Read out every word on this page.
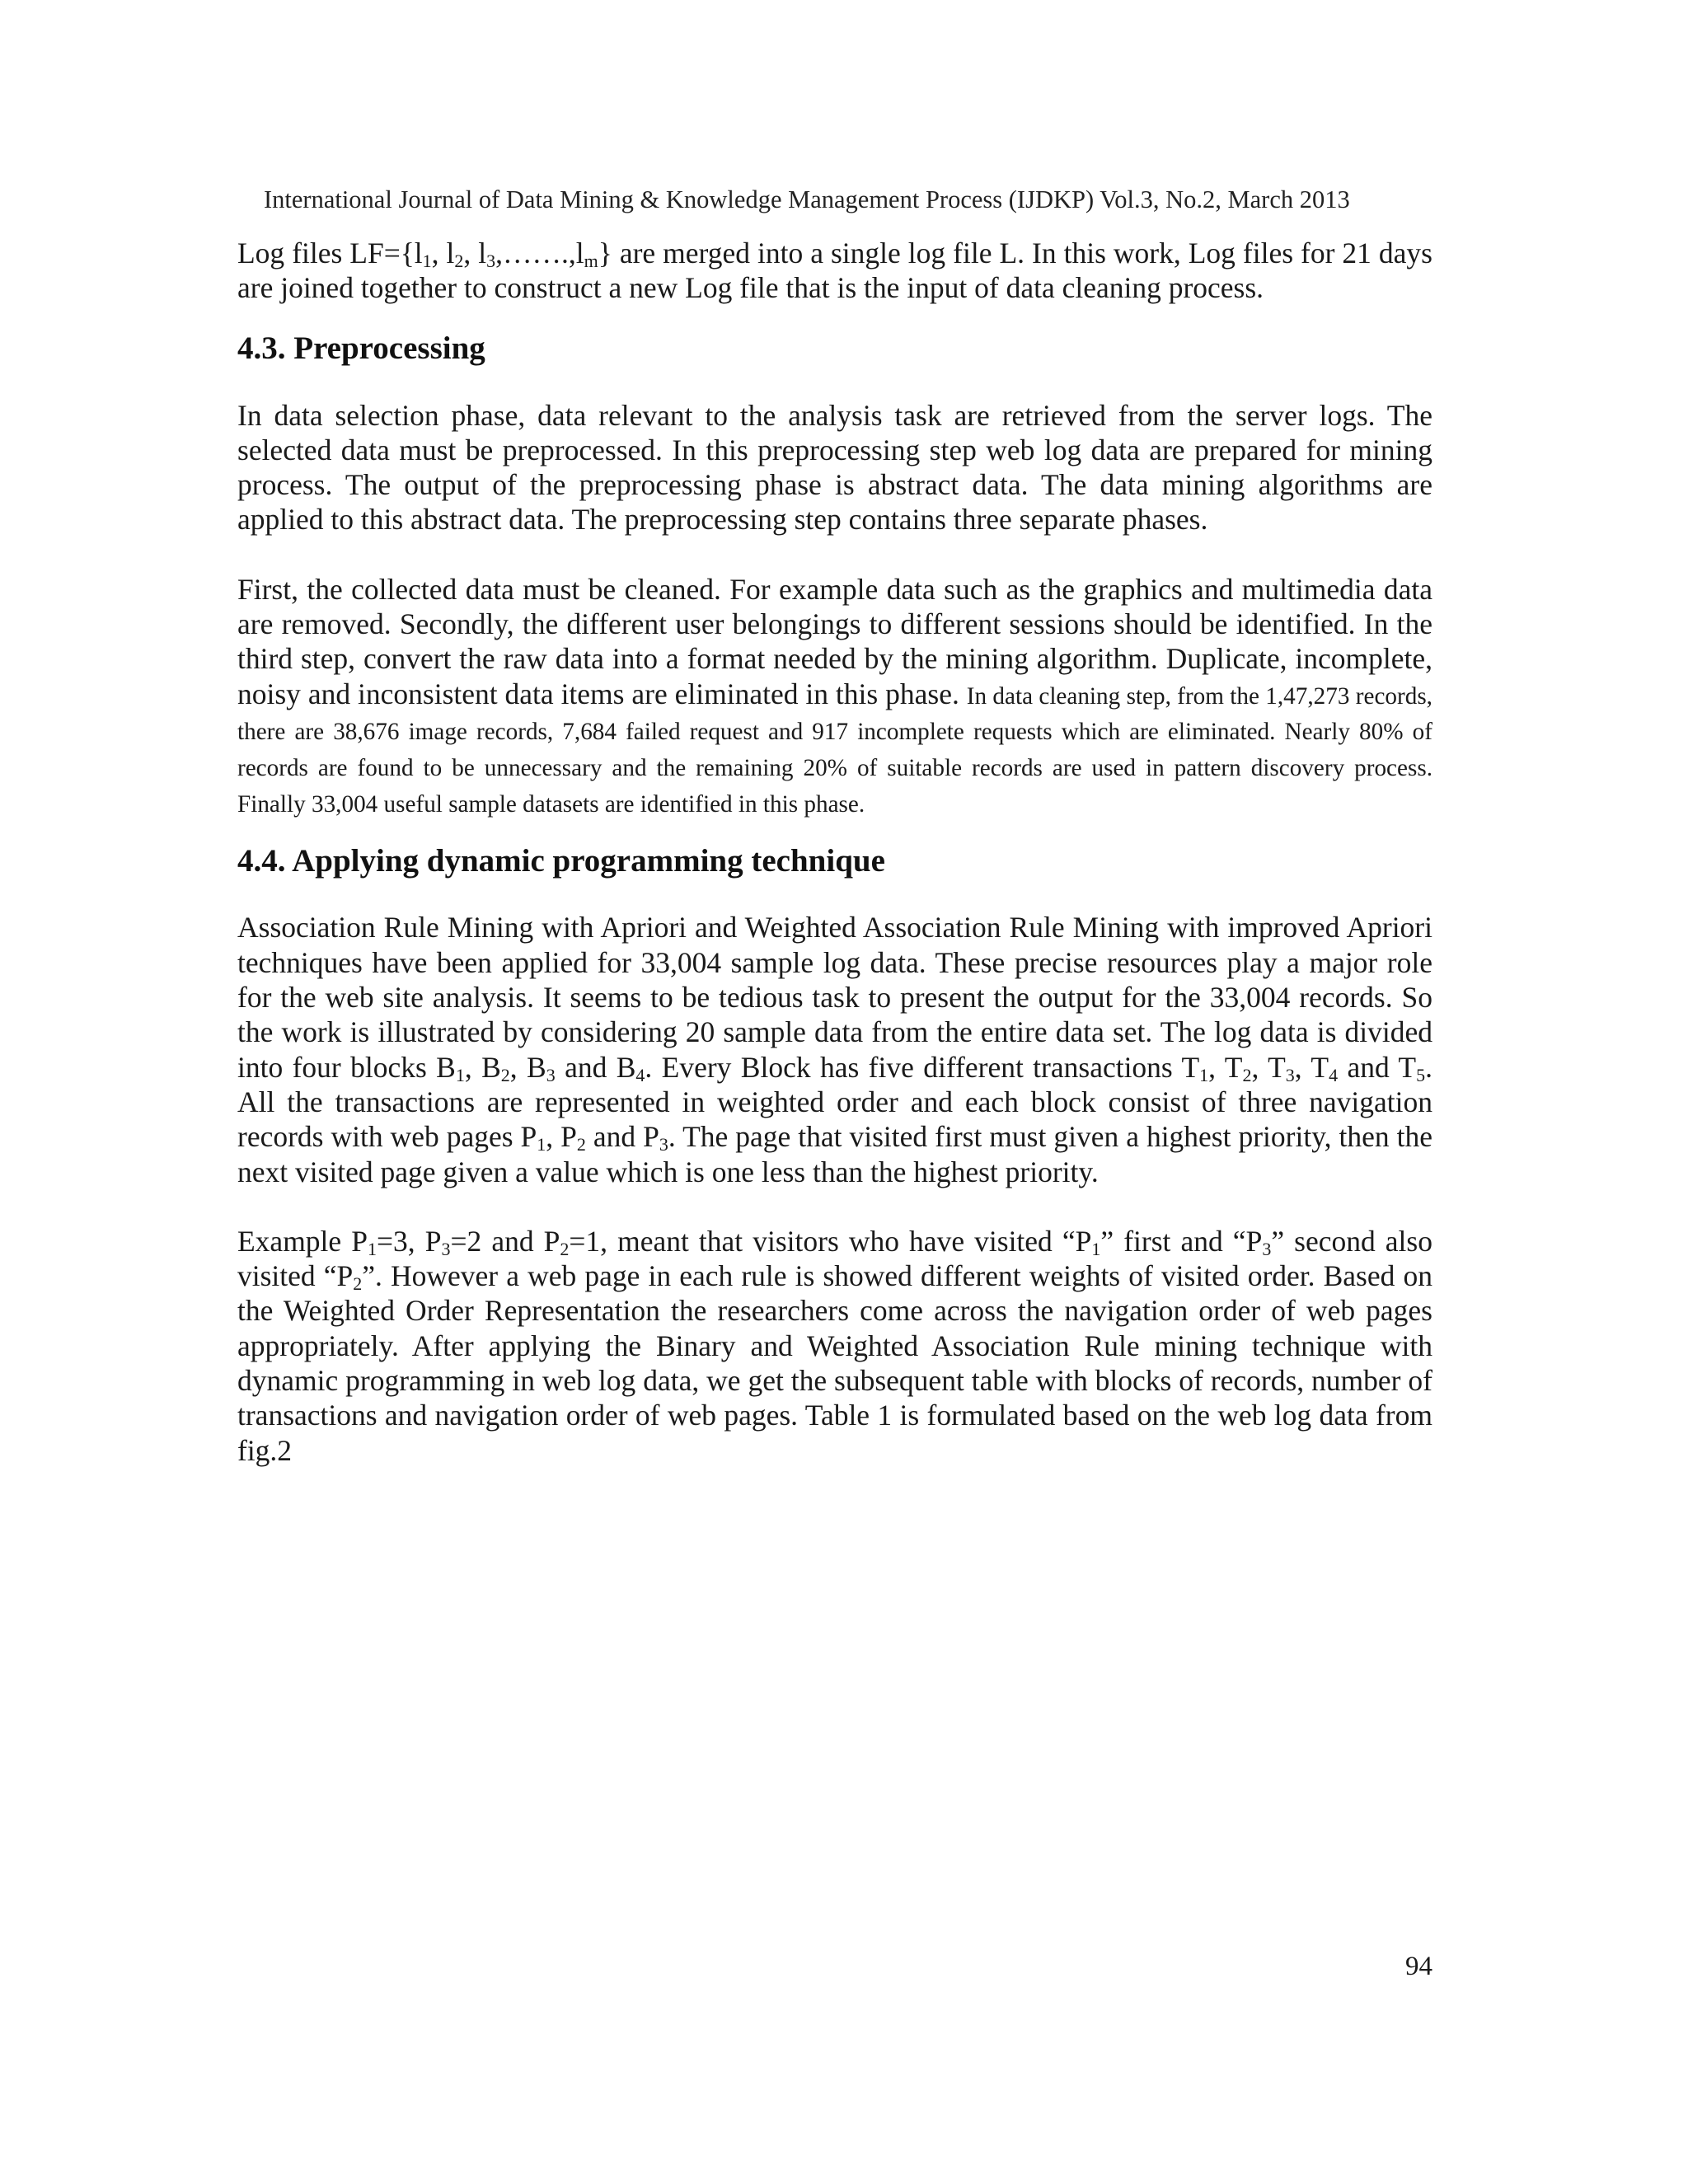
International Journal of Data Mining & Knowledge Management Process (IJDKP) Vol.3, No.2, March 2013

Log files $LF=\{l_1$, $l_2$, $l_3,\dots\dots.,l_m$} are merged into a single log file L. In this work, Log files for 21 days are joined together to construct a new Log file that is the input of data cleaning process.

4.3. Preprocessing

In data selection phase, data relevant to the analysis task are retrieved from the server logs. The selected data must be preprocessed. In this preprocessing step web log data are prepared for mining process. The output of the preprocessing phase is abstract data. The data mining algorithms are applied to this abstract data. The preprocessing step contains three separate phases.

First, the collected data must be cleaned. For example data such as the graphics and multimedia data are removed. Secondly, the different user belongings to different sessions should be identified. In the third step, convert the raw data into a format needed by the mining algorithm. Duplicate, incomplete, noisy and inconsistent data items are eliminated in this phase. In data cleaning step, from the 1,47,273 records, there are 38,676 image records, 7,684 failed request and 917 incomplete requests which are eliminated. Nearly 80% of records are found to be unnecessary and the remaining 20% of suitable records are used in pattern discovery process. Finally 33,004 useful sample datasets are identified in this phase.

4.4. Applying dynamic programming technique

Association Rule Mining with Apriori and Weighted Association Rule Mining with improved Apriori techniques have been applied for 33,004 sample log data. These precise resources play a major role for the web site analysis. It seems to be tedious task to present the output for the 33,004 records. So the work is illustrated by considering 20 sample data from the entire data set. The log data is divided into four blocks $B_1$, $B_2$, $B_3$ and $B_4$. Every Block has five different transactions $T_1$, $T_2$, $T_3$, $T_4$ and $T_5$. All the transactions are represented in weighted order and each block consist of three navigation records with web pages $P_1$, $P_2$ and $P_3$. The page that visited first must given a highest priority, then the next visited page given a value which is one less than the highest priority.

Example $P_1=3$, $P_3=2$ and $P_2=1$, meant that visitors who have visited “$P_1$” first and “$P_3$” second also visited “$P_2$”. However a web page in each rule is showed different weights of visited order. Based on the Weighted Order Representation the researchers come across the navigation order of web pages appropriately. After applying the Binary and Weighted Association Rule mining technique with dynamic programming in web log data, we get the subsequent table with blocks of records, number of transactions and navigation order of web pages. Table 1 is formulated based on the web log data from fig.2

94
